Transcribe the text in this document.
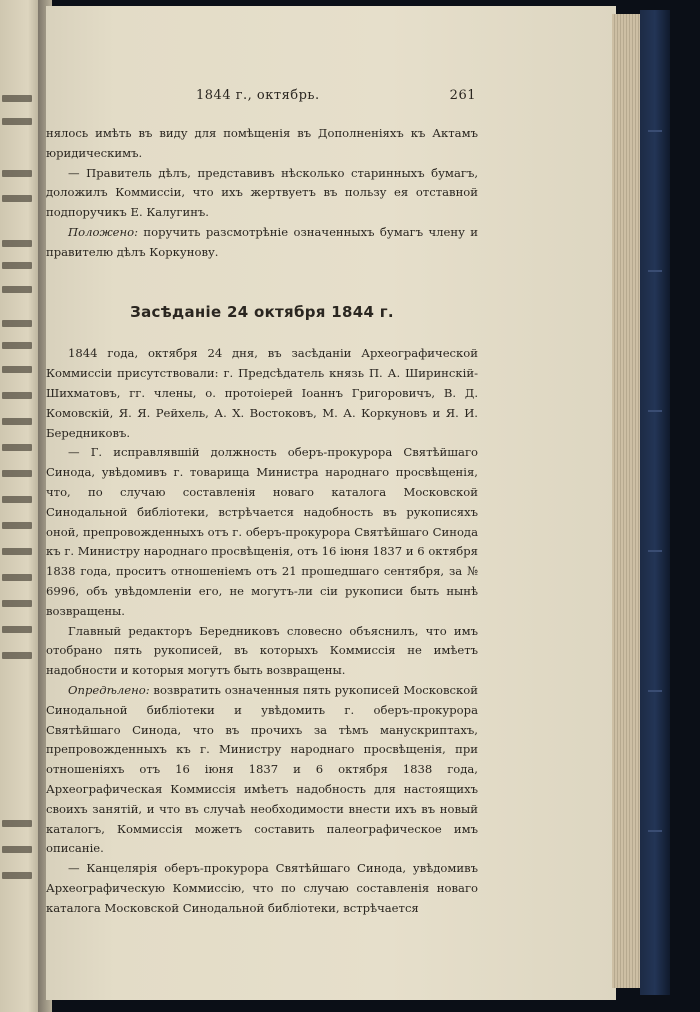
1844 г., октябрь.	261

нялось имѣть въ виду для помѣщенія въ Дополненіяхъ къ Актамъ юридическимъ.

— Правитель дѣлъ, представивъ нѣсколько старинныхъ бумагъ, доложилъ Коммиссіи, что ихъ жертвуетъ въ пользу ея отставной подпоручикъ Е. Калугинъ.

Положено: поручить разсмотрѣніе означенныхъ бумагъ члену и правителю дѣлъ Коркунову.

Засѣданіе 24 октября 1844 г.

1844 года, октября 24 дня, въ засѣданіи Археографической Коммиссіи присутствовали: г. Предсѣдатель князь П. А. Ширинскій-Шихматовъ, гг. члены, о. протоіерей Іоаннъ Григоровичъ, В. Д. Комовскій, Я. Я. Рейхель, А. Х. Востоковъ, М. А. Коркуновъ и Я. И. Бередниковъ.

— Г. исправлявшій должность оберъ-прокурора Святѣйшаго Синода, увѣдомивъ г. товарища Министра народнаго просвѣщенія, что, по случаю составленія новаго каталога Московской Синодальной библіотеки, встрѣчается надобность въ рукописяхъ оной, препровожденныхъ отъ г. оберъ-прокурора Святѣйшаго Синода къ г. Министру народнаго просвѣщенія, отъ 16 іюня 1837 и 6 октября 1838 года, проситъ отношеніемъ отъ 21 прошедшаго сентября, за № 6996, объ увѣдомленіи его, не могутъ-ли сіи рукописи быть нынѣ возвращены.

Главный редакторъ Бередниковъ словесно объяснилъ, что имъ отобрано пять рукописей, въ которыхъ Коммиссія не имѣетъ надобности и которыя могутъ быть возвращены.

Опредѣлено: возвратить означенныя пять рукописей Московской Синодальной библіотеки и увѣдомить г. оберъ-прокурора Святѣйшаго Синода, что въ прочихъ за тѣмъ манускриптахъ, препровожденныхъ къ г. Министру народнаго просвѣщенія, при отношеніяхъ отъ 16 іюня 1837 и 6 октября 1838 года, Археографическая Коммиссія имѣетъ надобность для настоящихъ своихъ занятій, и что въ случаѣ необходимости внести ихъ въ новый каталогъ, Коммиссія можетъ составить палеографическое имъ описаніе.

— Канцелярія оберъ-прокурора Святѣйшаго Синода, увѣдомивъ Археографическую Коммиссію, что по случаю составленія новаго каталога Московской Синодальной библіотеки, встрѣчается
